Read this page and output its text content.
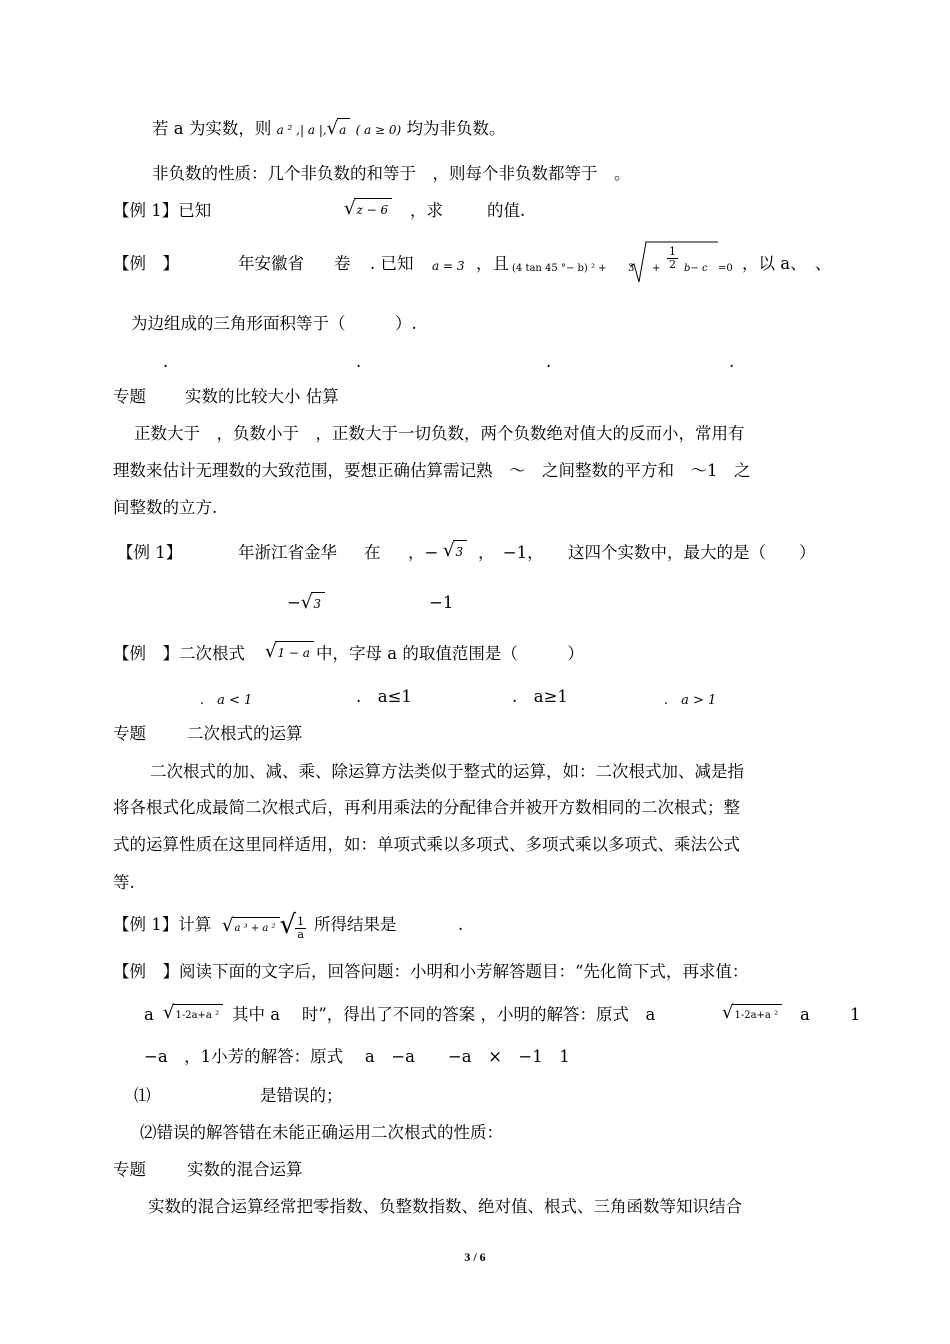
若 a 为实数，则 a ² ,| a |,√a ( a ≥ 0) 均为非负数。
非负数的性质：几个非负数的和等于　，则每个非负数都等于　。
【例 1】已知	√z − 6 ，求	的值.
【例　】	年安徽省 卷 . 已知 a = 3 ，且 (4 tan 45 °− b) $^2 + 3 + \frac{1}{2} b- c =0$ ，以 a、　、
为边组成的三角形面积等于（　　　）.
.	.	.	.
专题 实数的比较大小 估算
正数大于　，负数小于　，正数大于一切负数，两个负数绝对值大的反而小，常用有
理数来估计无理数的大致范围，要想正确估算需记熟　～　之间整数的平方和　～1　之
间整数的立方.
【例 1】	年浙江省金华 在 ，− √3 ，　−1， 这四个实数中，最大的是（　　）
−√3	−1
【例　】二次根式 √1 − a 中，字母 a 的取值范围是（　　　）
.　a < 1	.　a≤1	.　a≥1	.　a > 1
专题 二次根式的运算
二次根式的加、减、乘、除运算方法类似于整式的运算，如：二次根式加、减是指
将各根式化成最简二次根式后，再利用乘法的分配律合并被开方数相同的二次根式；整
式的运算性质在这里同样适用，如：单项式乘以多项式、多项式乘以多项式、乘法公式
等.
【例 1】计算 √a ³ + a ² √ $\frac{1}{a}$ 所得结果是	.
【例　】阅读下面的文字后，回答问题：小明和小芳解答题目：“先化简下式，再求值：
a √1-2a+a ² 其中 a　 时”，得出了不同的答案 ，小明的解答：原式　a	√1-2a+a ² a 1
−a　，1小芳的解答：原式　 a　−a　　−a　×　−1　1
⑴	是错误的；
⑵错误的解答错在未能正确运用二次根式的性质：
专题 实数的混合运算
实数的混合运算经常把零指数、负整数指数、绝对值、根式、三角函数等知识结合
3 / 6
